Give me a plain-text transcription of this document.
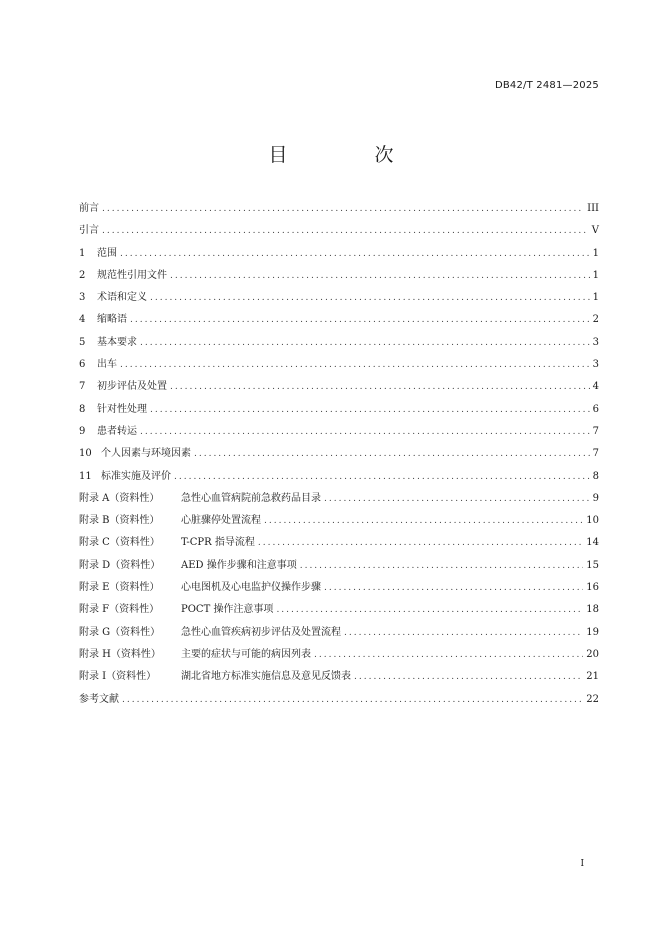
DB42/T 2481—2025
目　次
前言 .....	III
引言 .....	V
1	范围 .....	1
2	规范性引用文件 .....	1
3	术语和定义 .....	1
4	缩略语 .....	2
5	基本要求 .....	3
6	出车 .....	3
7	初步评估及处置 .....	4
8	针对性处理 .....	6
9	患者转运 .....	7
10 个人因素与环境因素 .....	7
11 标准实施及评价 .....	8
附录 A（资料性）	急性心血管病院前急救药品目录 .....	9
附录 B（资料性）	心脏骤停处置流程 .....	10
附录 C（资料性）	T-CPR 指导流程 .....	14
附录 D（资料性）	AED 操作步骤和注意事项 .....	15
附录 E（资料性）	心电图机及心电监护仪操作步骤 .....	16
附录 F（资料性）	POCT 操作注意事项 .....	18
附录 G（资料性）	急性心血管疾病初步评估及处置流程 .....	19
附录 H（资料性）	主要的症状与可能的病因列表 .....	20
附录 I（资料性）	湖北省地方标准实施信息及意见反馈表 .....	21
参考文献 .....	22
I
